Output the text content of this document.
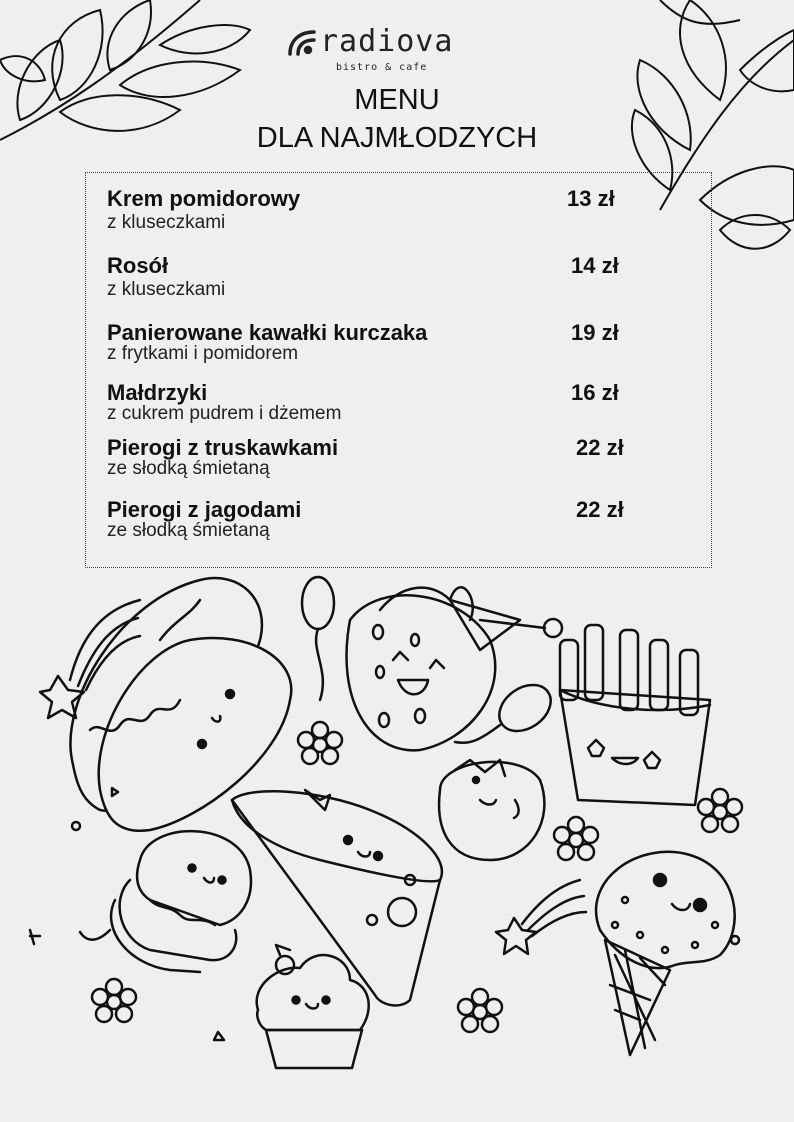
radiova
bistro & cafe
MENU
DLA NAJMŁODZYCH
Krem pomidorowy
z kluseczkami
13 zł
Rosół
z kluseczkami
14 zł
Panierowane kawałki kurczaka
z frytkami i pomidorem
19 zł
Małdrzyki
z cukrem pudrem i dżemem
16 zł
Pierogi z truskawkami
ze słodką śmietaną
22 zł
Pierogi z jagodami
ze słodką śmietaną
22 zł
